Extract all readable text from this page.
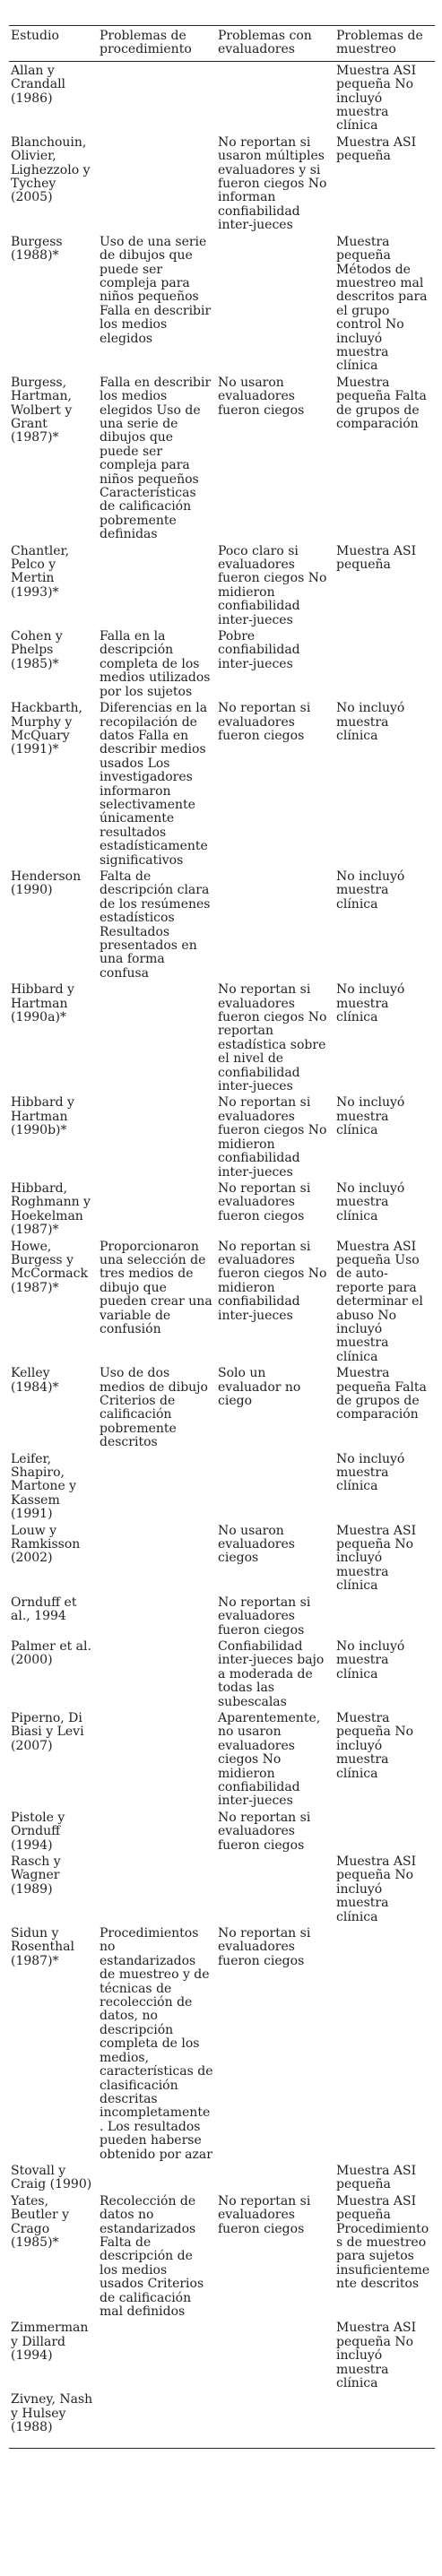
Estudio	Problemas de procedimiento	Problemas con evaluadores	Problemas de muestreo
Allan y Crandall (1986)			Muestra ASI pequeña No incluyó muestra clínica
Blanchouin, Olivier, Lighezzolo y Tychey (2005)		No reportan si usaron múltiples evaluadores y si fueron ciegos No informan confiabilidad inter-jueces	Muestra ASI pequeña
Burgess (1988)*	Uso de una serie de dibujos que puede ser compleja para niños pequeños Falla en describir los medios elegidos		Muestra pequeña Métodos de muestreo mal descritos para el grupo control No incluyó muestra clínica
Burgess, Hartman, Wolbert y Grant (1987)*	Falla en describir los medios elegidos Uso de una serie de dibujos que puede ser compleja para niños pequeños Características de calificación pobremente definidas	No usaron evaluadores fueron ciegos	Muestra pequeña Falta de grupos de comparación
Chantler, Pelco y Mertin (1993)*		Poco claro si evaluadores fueron ciegos No midieron confiabilidad inter-jueces	Muestra ASI pequeña
Cohen y Phelps (1985)*	Falla en la descripción completa de los medios utilizados por los sujetos	Pobre confiabilidad inter-jueces	
Hackbarth, Murphy y McQuary (1991)*	Diferencias en la recopilación de datos Falla en describir medios usados Los investigadores informaron selectivamente únicamente resultados estadísticamente significativos	No reportan si evaluadores fueron ciegos	No incluyó muestra clínica
Henderson (1990)	Falta de descripción clara de los resúmenes estadísticos Resultados presentados en una forma confusa		No incluyó muestra clínica
Hibbard y Hartman (1990a)*		No reportan si evaluadores fueron ciegos No reportan estadística sobre el nivel de confiabilidad inter-jueces	No incluyó muestra clínica
Hibbard y Hartman (1990b)*		No reportan si evaluadores fueron ciegos No midieron confiabilidad inter-jueces	No incluyó muestra clínica
Hibbard, Roghmann y Hoekelman (1987)*		No reportan si evaluadores fueron ciegos	No incluyó muestra clínica
Howe, Burgess y McCormack (1987)*	Proporcionaron una selección de tres medios de dibujo que pueden crear una variable de confusión	No reportan si evaluadores fueron ciegos No midieron confiabilidad inter-jueces	Muestra ASI pequeña Uso de auto-reporte para determinar el abuso No incluyó muestra clínica
Kelley (1984)*	Uso de dos medios de dibujo Criterios de calificación pobremente descritos	Solo un evaluador no ciego	Muestra pequeña Falta de grupos de comparación
Leifer, Shapiro, Martone y Kassem (1991)			No incluyó muestra clínica
Louw y Ramkisson (2002)		No usaron evaluadores ciegos	Muestra ASI pequeña No incluyó muestra clínica
Ornduff et al., 1994		No reportan si evaluadores fueron ciegos	
Palmer et al. (2000)		Confiabilidad inter-jueces bajo a moderada de todas las subescalas	No incluyó muestra clínica
Piperno, Di Biasi y Levi (2007)		Aparentemente, no usaron evaluadores ciegos No midieron confiabilidad inter-jueces	Muestra pequeña No incluyó muestra clínica
Pistole y Ornduff (1994)		No reportan si evaluadores fueron ciegos	
Rasch y Wagner (1989)			Muestra ASI pequeña No incluyó muestra clínica
Sidun y Rosenthal (1987)*	Procedimientos no estandarizados de muestreo y de técnicas de recolección de datos, no descripción completa de los medios, características de clasificación descritas incompletamente. Los resultados pueden haberse obtenido por azar	No reportan si evaluadores fueron ciegos	
Stovall y Craig (1990)			Muestra ASI pequeña
Yates, Beutler y Crago (1985)*	Recolección de datos no estandarizados Falta de descripción de los medios usados Criterios de calificación mal definidos	No reportan si evaluadores fueron ciegos	Muestra ASI pequeña Procedimientos de muestreo para sujetos insuficientemente descritos
Zimmerman y Dillard (1994)			Muestra ASI pequeña No incluyó muestra clínica
Zivney, Nash y Hulsey (1988)			
